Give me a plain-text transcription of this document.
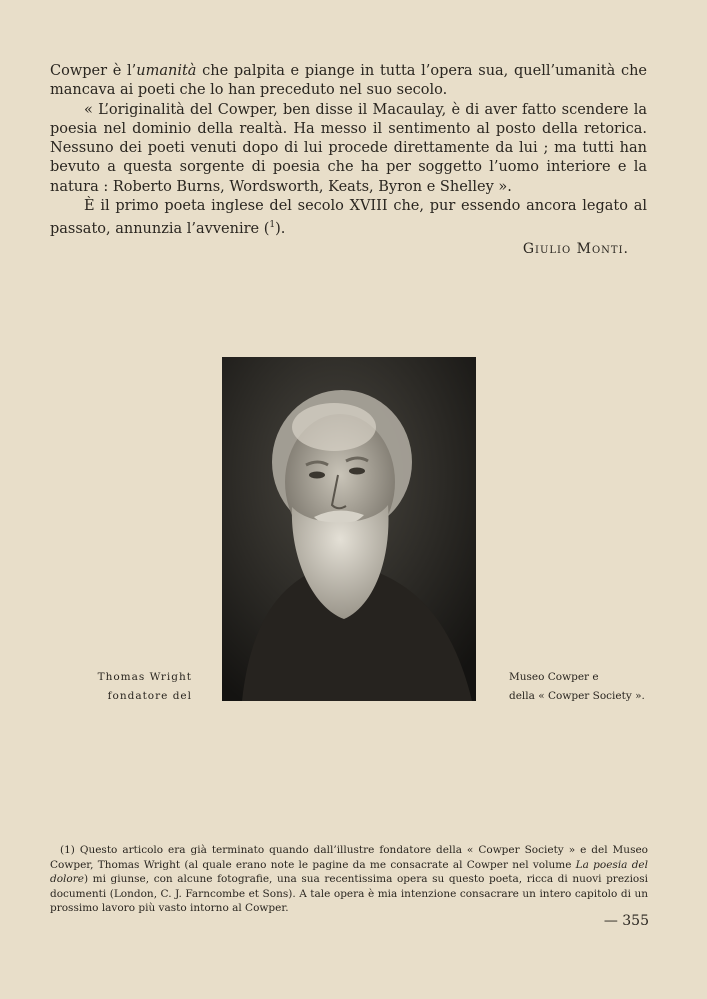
Cowper è l’umanità che palpita e piange in tutta l’opera sua, quell’umanità che mancava ai poeti che lo han preceduto nel suo secolo.

« L’originalità del Cowper, ben disse il Macaulay, è di aver fatto scendere la poesia nel dominio della realtà. Ha messo il sentimento al posto della retorica. Nessuno dei poeti venuti dopo di lui procede direttamente da lui ; ma tutti han bevuto a questa sorgente di poesia che ha per soggetto l’uomo interiore e la natura : Roberto Burns, Wordsworth, Keats, Byron e Shelley ».

È il primo poeta inglese del secolo XVIII che, pur essendo ancora legato al passato, annunzia l’avvenire ($^1$).

Giulio Monti.
Thomas Wright
fondatore del
Museo Cowper e
della « Cowper Society ».

(1) Questo articolo era già terminato quando dall’illustre fondatore della « Cowper Society » e del Museo Cowper, Thomas Wright (al quale erano note le pagine da me consacrate al Cowper nel volume La poesia del dolore) mi giunse, con alcune fotografie, una sua recentissima opera su questo poeta, ricca di nuovi preziosi documenti (London, C. J. Farncombe et Sons). A tale opera è mia intenzione consacrare un intero capitolo di un prossimo lavoro più vasto intorno al Cowper.

— 355
